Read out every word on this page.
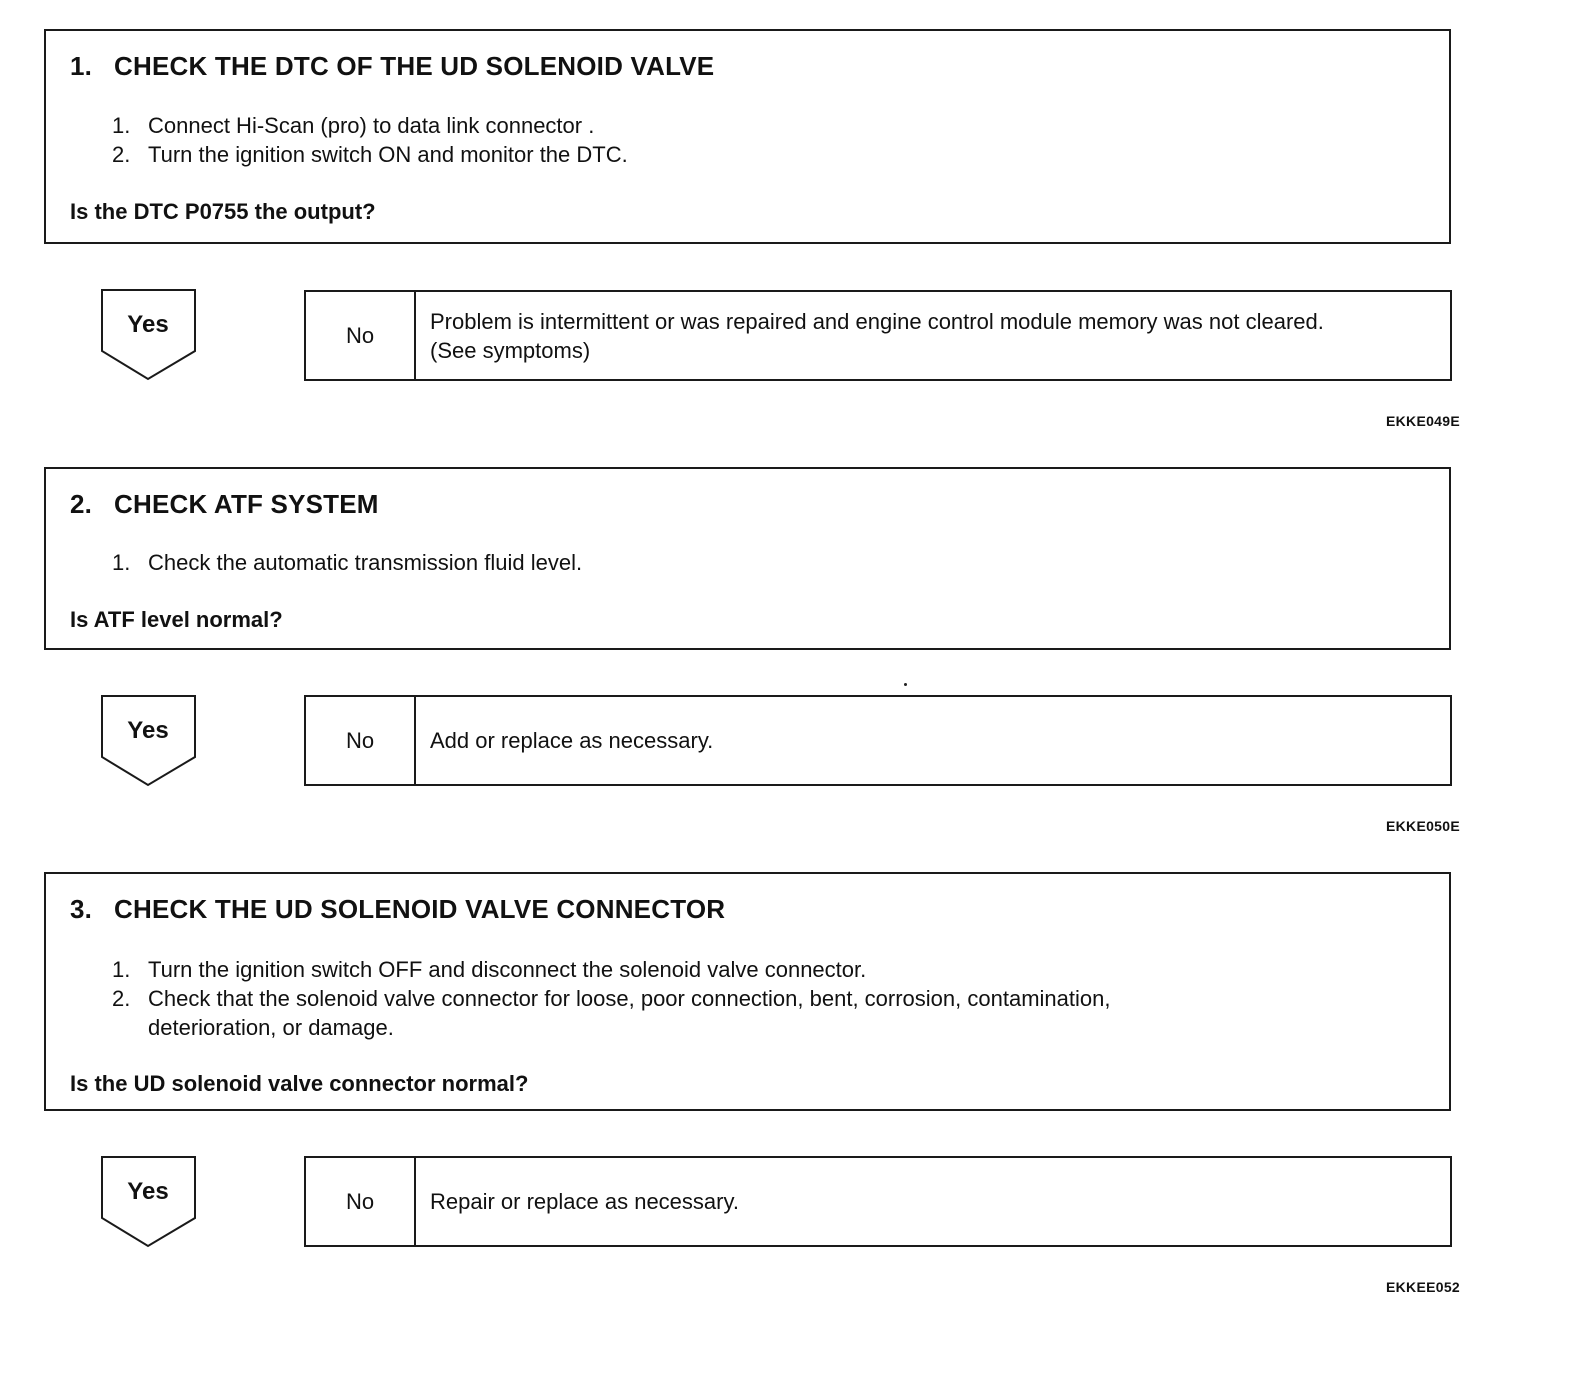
1. CHECK THE DTC OF THE UD SOLENOID VALVE
1. Connect Hi-Scan (pro) to data link connector .
2. Turn the ignition switch ON and monitor the DTC.
Is the DTC P0755 the output?
Yes	No
Problem is intermittent or was repaired and engine control module memory was not cleared.
(See symptoms)
EKKE049E
2. CHECK ATF SYSTEM
1. Check the automatic transmission fluid level.
Is ATF level normal?
Yes	No	Add or replace as necessary.
EKKE050E
3. CHECK THE UD SOLENOID VALVE CONNECTOR
1. Turn the ignition switch OFF and disconnect the solenoid valve connector.
2. Check that the solenoid valve connector for loose, poor connection, bent, corrosion, contamination,
deterioration, or damage.
Is the UD solenoid valve connector normal?
Yes	No	Repair or replace as necessary.
EKKEE052
